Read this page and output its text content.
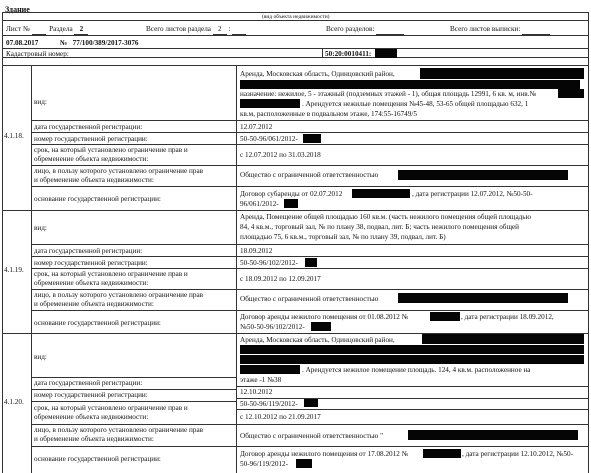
Здание
(вид объекта недвижимости)
Лист №	Раздела 2	Всего листов раздела 2 :	Всего разделов:	Всего листов выписки:
07.08.2017	№ 77/100/389/2017-3076
Кадастровый номер:	50:20:0010411:
4.1.18.
вид:
Аренда, Московская область, Одинцовский район,
назначение: нежилое, 5 - этажный (подземных этажей - 1), общая площадь 12991, 6 кв. м, инв.№
. Арендуется нежилые помещения №45-48, 53-65 общей площадью 632, 1
кв.м, расположенные в подвальном этаже, 174:55-16749/5
дата государственной регистрации:	12.07.2012
номер государственной регистрации:	50-50-96/061/2012-
срок, на который установлено ограничение прав и
обременение объекта недвижимости:	с 12.07.2012 по 31.03.2018
лицо, в пользу которого установлено ограничение прав
и обременение объекта недвижимости:
Общество с ограниченной ответственностью
основание государственной регистрации:
Договор субаренды от 02.07.2012	, дата регистрации 12.07.2012, №50-50-
96/061/2012-
4.1.19.
вид:
Аренда, Помещение общей площадью 160 кв.м. (часть нежилого помещения общей площадью
84, 4 кв.м., торговый зал, № по плану 38, подвал, лит. Б; часть нежилого помещения общей
площадью 75, 6 кв.м., торговый зал, № по плану 39, подвал, лит. Б)
дата государственной регистрации:	18.09.2012
номер государственной регистрации:	50-50-96/102/2012-
срок, на который установлено ограничение прав и
обременение объекта недвижимости:	с 18.09.2012 по 12.09.2017
лицо, в пользу которого установлено ограничение прав
и обременение объекта недвижимости:
Общество с ограниченной ответственностью
основание государственной регистрации:
Договор аренды нежилого помещения от 01.08.2012 №	, дата регистрации 18.09.2012,
№50-50-96/102/2012-
4.1.20.
вид:
Аренда, Московская область, Одинцовский район,
. Арендуется нежилое помещение площадь. 124, 4 кв.м. расположенное на
этаже -1 №38
дата государственной регистрации:
12.10.2012
номер государственной регистрации:
50-50-96/119/2012-
срок, на который установлено ограничение прав и
обременение объекта недвижимости:	с 12.10.2012 по 21.09.2017
лицо, в пользу которого установлено ограничение прав
и обременение объекта недвижимости:	Общество с ограниченной ответственностью "
основание государственной регистрации:
Договор аренды нежилого помещения от 17.08.2012 №	, дата регистрации 12.10.2012, №50-
50-96/119/2012-
